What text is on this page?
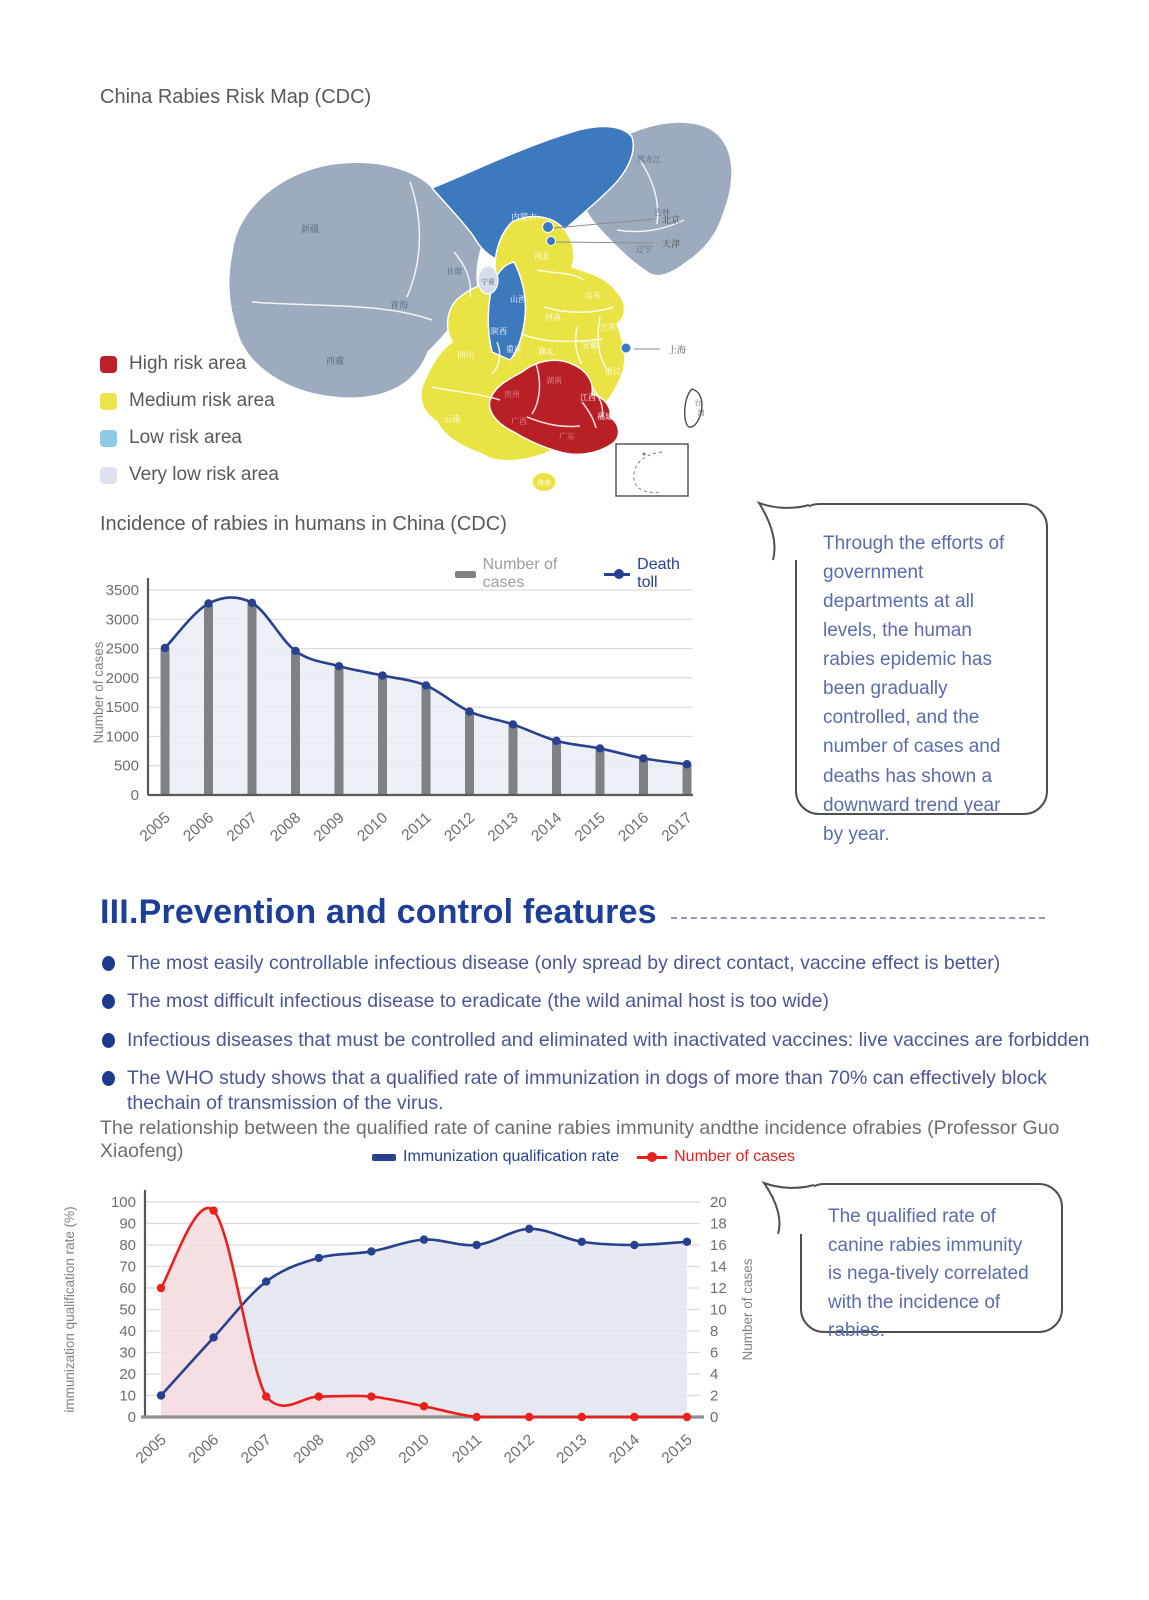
China Rabies Risk Map (CDC)
新疆
西藏
青海
甘肃
宁夏
黑龙江
吉林
辽宁
内蒙古
山西
陕西
河北
山东
河南
江苏
安徽
湖北
浙江
江西
福建
四川
重庆
云南
海南
贵州
湖南
广西
广东
台
湾
北京
天津
上海
High risk area
Medium risk area
Low risk area
Very low risk area
Incidence of rabies in humans in China (CDC)
Number of cases
Death toll
0
500
1000
1500
2000
2500
3000
3500
2005 2006 2007 2008 2009 2010 2011 2012 2013 2014 2015 2016 2017
Number of cases
Through the efforts of government departments at all levels, the human rabies epidemic has been gradually controlled, and the number of cases and deaths has shown a downward trend year by year.
III.Prevention and control features
The most easily controllable infectious disease (only spread by direct contact, vaccine effect is better)
The most difficult infectious disease to eradicate (the wild animal host is too wide)
Infectious diseases that must be controlled and eliminated with inactivated vaccines: live vaccines are forbidden
The WHO study shows that a qualified rate of immunization in dogs of more than 70% can effectively block thechain of transmission of the virus.
The relationship between the qualified rate of canine rabies immunity andthe incidence ofrabies (Professor Guo Xiaofeng)	Immunization qualification rate	Number of cases
0
10
20
30
40
50
60
70
80
90
100
0
2
4
6
8
10
12
14
16
18
20
2005 2006 2007 2008 2009 2010 2011 2012 2013 2014 2015
immunization qualification rate (%)	Number of cases
The qualified rate of canine rabies immunity is nega-tively correlated with the incidence of rabies.
